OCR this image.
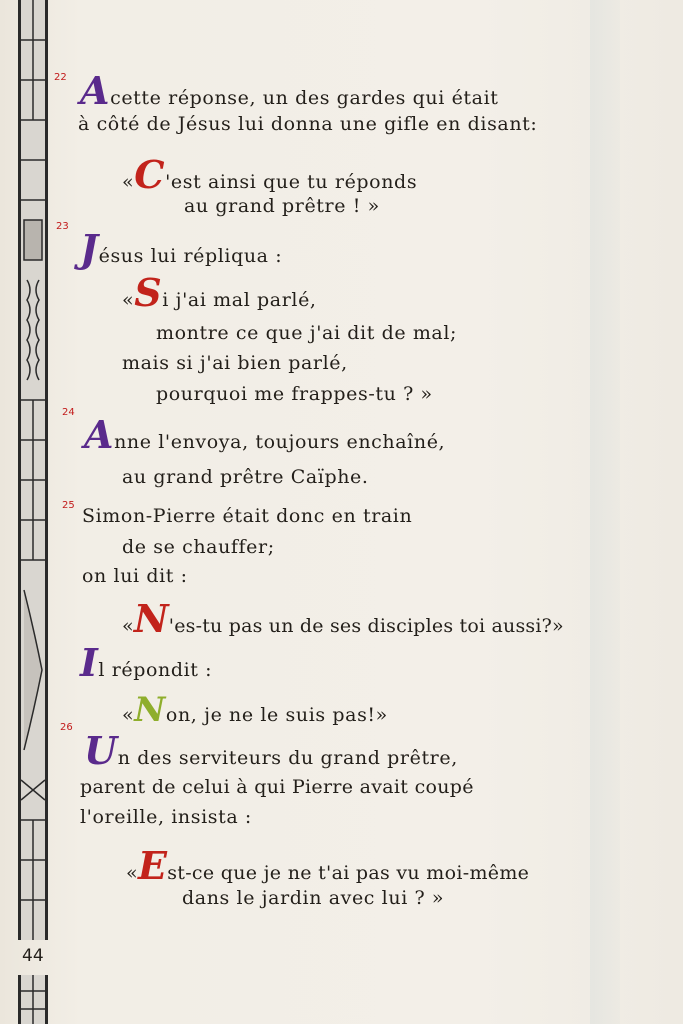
44
22 Acette réponse, un des gardes qui était
à côté de Jésus lui donna une gifle en disant:
«C'est ainsi que tu réponds
au grand prêtre ! »
23 Jésus lui répliqua :
«Si j'ai mal parlé,
montre ce que j'ai dit de mal;
mais si j'ai bien parlé,
pourquoi me frappes-tu ? »
24 Anne l'envoya, toujours enchaîné,
au grand prêtre Caïphe.
25 Simon-Pierre était donc en train
de se chauffer;
on lui dit :
«N'es-tu pas un de ses disciples toi aussi?»
Il répondit :
«Non, je ne le suis pas!»
26
Un des serviteurs du grand prêtre,
parent de celui à qui Pierre avait coupé
l'oreille, insista :
«Est-ce que je ne t'ai pas vu moi-même
dans le jardin avec lui ? »
